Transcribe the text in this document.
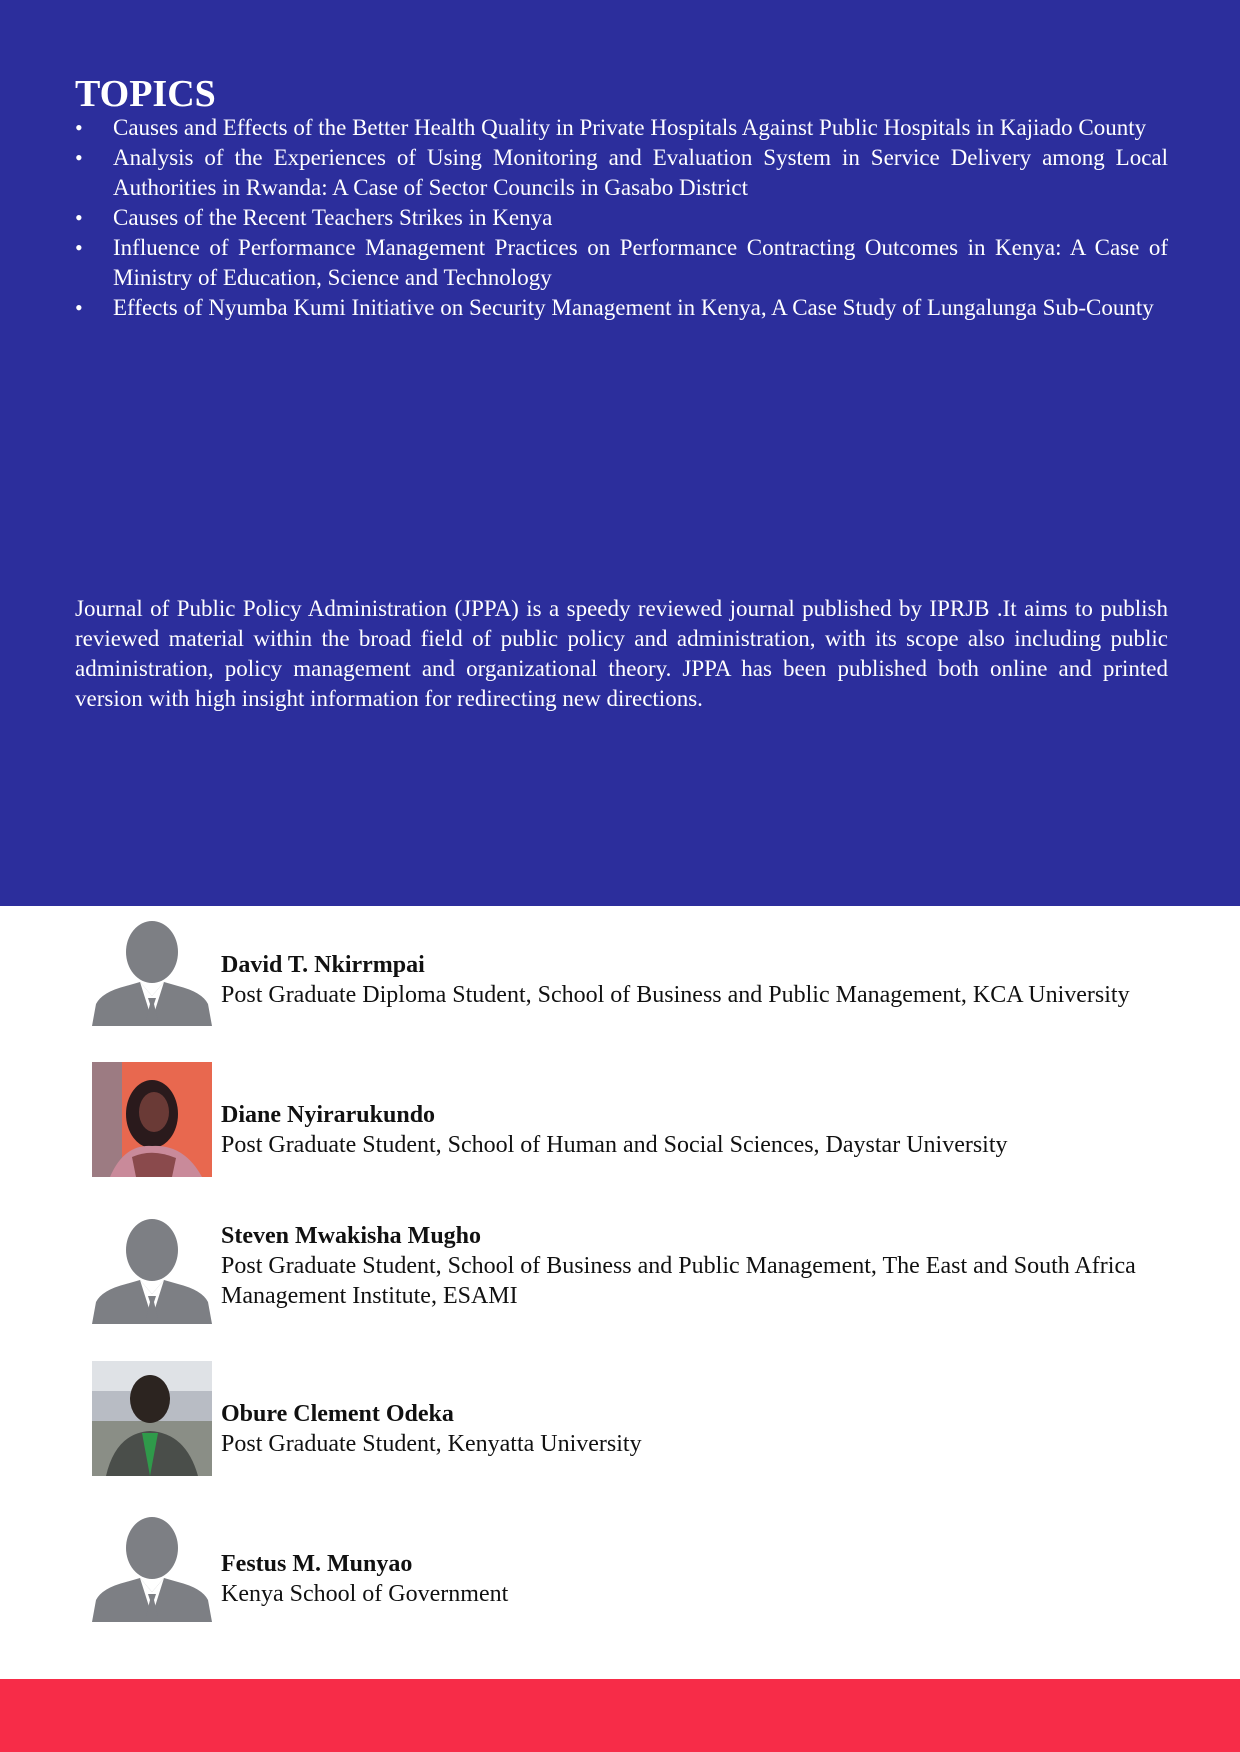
TOPICS
• Causes and Effects of the Better Health Quality in Private Hospitals Against Public Hospitals in Kajiado County
• Analysis of the Experiences of Using Monitoring and Evaluation System in Service Delivery among Local Authorities in Rwanda: A Case of Sector Councils in Gasabo District
• Causes of the Recent Teachers Strikes in Kenya
• Influence of Performance Management Practices on Performance Contracting Outcomes in Kenya: A Case of Ministry of Education, Science and Technology
• Effects of Nyumba Kumi Initiative on Security Management in Kenya, A Case Study of Lungalunga Sub-County

Journal of Public Policy Administration (JPPA) is a speedy reviewed journal published by IPRJB .It aims to publish reviewed material within the broad field of public policy and administration, with its scope also including public administration, policy management and organizational theory. JPPA has been published both online and printed version with high insight information for redirecting new directions.

David T. Nkirrmpai
Post Graduate Diploma Student, School of Business and Public Management, KCA University
Diane Nyirarukundo
Post Graduate Student, School of Human and Social Sciences, Daystar University
Steven Mwakisha Mugho
Post Graduate Student, School of Business and Public Management, The East and South Africa Management Institute, ESAMI
Obure Clement Odeka
Post Graduate Student, Kenyatta University
Festus M. Munyao
Kenya School of Government
